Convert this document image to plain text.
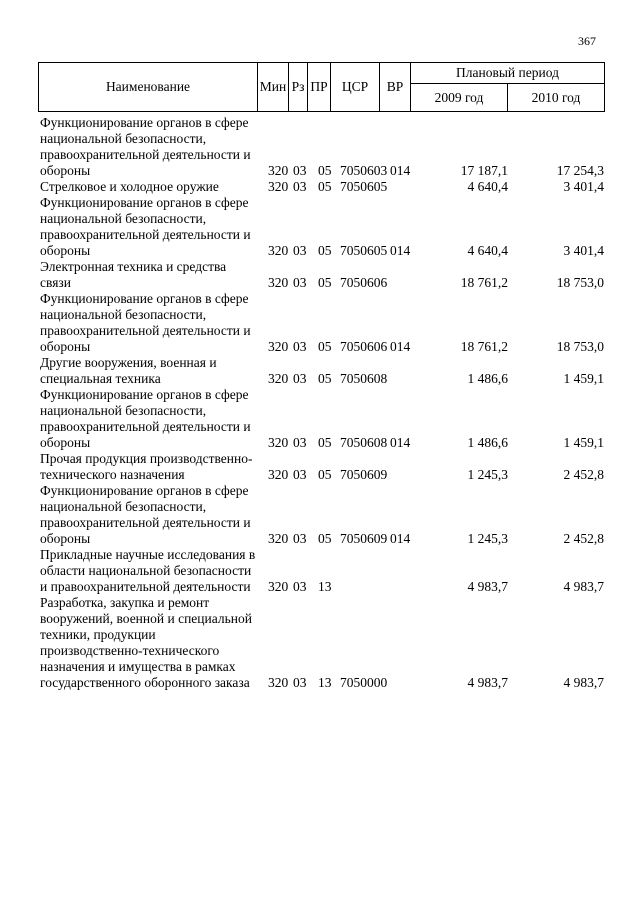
367
Наименование	Мин	Рз	ПР	ЦСР	ВР	Плановый период	
						2009 год	2010 год
Функционирование органов в сфере национальной безопасности, правоохранительной деятельности и обороны	320 03 05 7050603 014	17 187,1	17 254,3
Стрелковое и холодное оружие	320 03 05 7050605	4 640,4	3 401,4
Функционирование органов в сфере национальной безопасности, правоохранительной деятельности и обороны	320 03 05 7050605 014	4 640,4	3 401,4
Электронная техника и средства связи	320 03 05 7050606	18 761,2	18 753,0
Функционирование органов в сфере национальной безопасности, правоохранительной деятельности и обороны	320 03 05 7050606 014	18 761,2	18 753,0
Другие вооружения, военная и специальная техника	320 03 05 7050608	1 486,6	1 459,1
Функционирование органов в сфере национальной безопасности, правоохранительной деятельности и обороны	320 03 05 7050608 014	1 486,6	1 459,1
Прочая продукция производственно-технического назначения	320 03 05 7050609	1 245,3	2 452,8
Функционирование органов в сфере национальной безопасности, правоохранительной деятельности и обороны	320 03 05 7050609 014	1 245,3	2 452,8
Прикладные научные исследования в области национальной безопасности и правоохранительной деятельности	320 03 13	4 983,7	4 983,7
Разработка, закупка и ремонт вооружений, военной и специальной техники, продукции производственно-технического назначения и имущества в рамках государственного оборонного заказа	320 03 13 7050000	4 983,7	4 983,7
